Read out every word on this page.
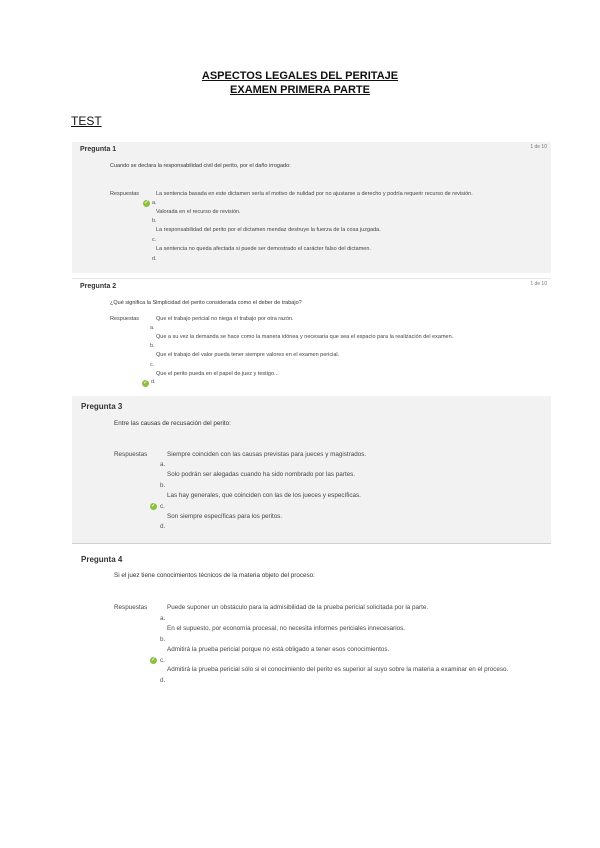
ASPECTOS LEGALES DEL PERITAJE
EXAMEN PRIMERA PARTE
TEST
Pregunta 1	1 de 10
Cuando se declara la responsabilidad civil del perito, por el daño irrogado:
Respuestas	La sentencia basada en este dictamen sería el motivo de nulidad por no ajustarse a derecho y podría requerir recurso de revisión.
✓ a.
Valorada en el recurso de revisión.
b.
La responsabilidad del perito por el dictamen mendaz destruye la fuerza de la cosa juzgada.
c.
La sentencia no queda afectada si puede ser demostrado el carácter falso del dictamen.
d.
Pregunta 2	1 de 10
¿Qué significa la Simplicidad del perito considerada como el deber de trabajo?
Respuestas	Que el trabajo pericial no niega el trabajo por otra razón.
a.
Que a su vez la demanda se hace como la manera idónea y necesaria que sea el espacio para la realización del examen.
b.
Que el trabajo del valor pueda tener siempre valores en el examen pericial.
c.
Que el perito pueda en el papel de juez y testigo...
✓ d.
Pregunta 3
Entre las causas de recusación del perito:
Respuestas	Siempre coinciden con las causas previstas para jueces y magistrados.
a.
Solo podrán ser alegadas cuando ha sido nombrado por las partes.
b.
Las hay generales, que coinciden con las de los jueces y específicas.
✓ c.
Son siempre específicas para los peritos.
d.
Pregunta 4
Si el juez tiene conocimientos técnicos de la materia objeto del proceso:
Respuestas	Puede suponer un obstáculo para la admisibilidad de la prueba pericial solicitada por la parte.
a.
En el supuesto, por economía procesal, no necesita informes periciales innecesarios.
b.
Admitirá la prueba pericial porque no está obligado a tener esos conocimientos.
✓ c.
Admitirá la prueba pericial sólo si el conocimiento del perito es superior al suyo sobre la materia a examinar en el proceso.
d.
